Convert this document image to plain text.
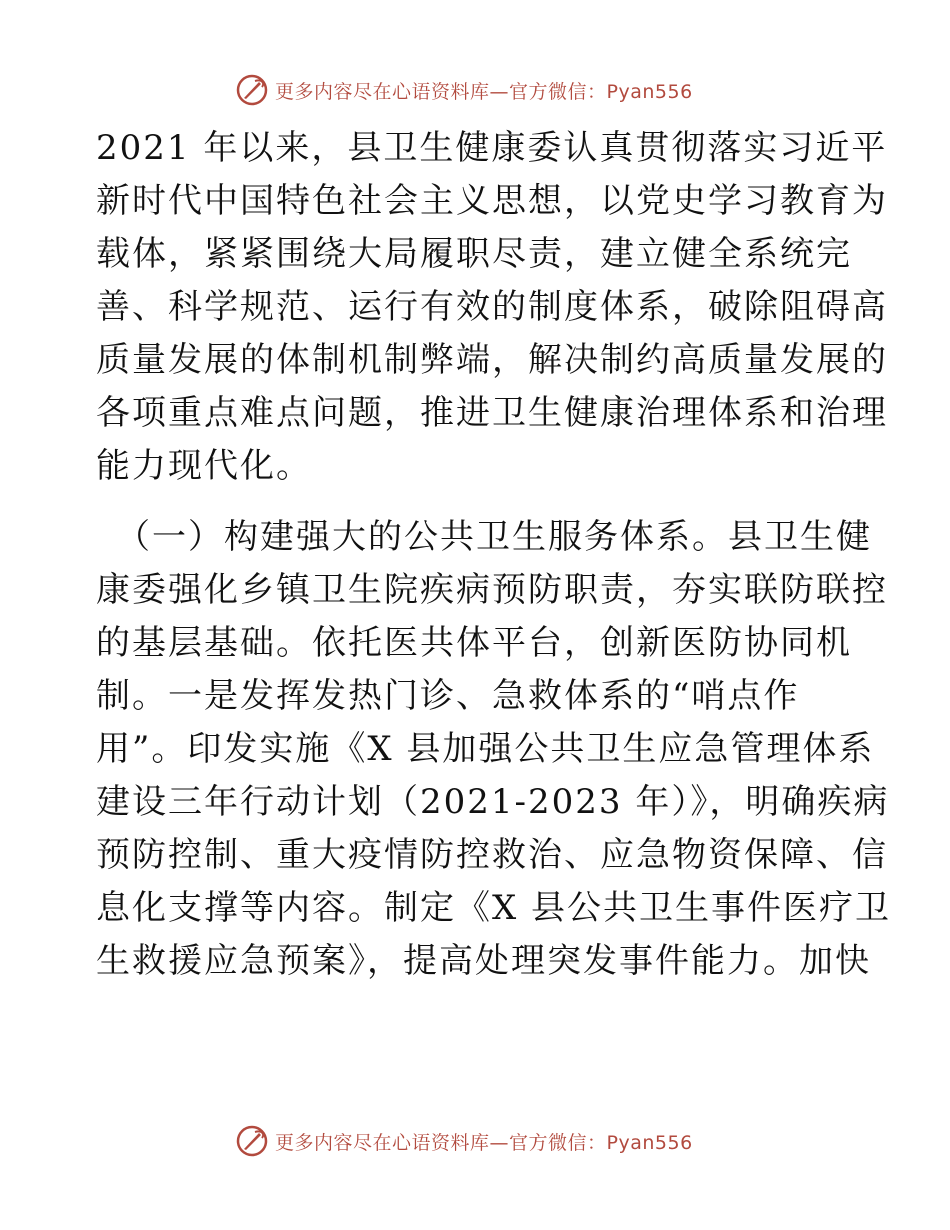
更多内容尽在心语资料库—官方微信：Pyan556
2021 年以来，县卫生健康委认真贯彻落实习近平
新时代中国特色社会主义思想，以党史学习教育为
载体，紧紧围绕大局履职尽责，建立健全系统完
善、科学规范、运行有效的制度体系，破除阻碍高
质量发展的体制机制弊端，解决制约高质量发展的
各项重点难点问题，推进卫生健康治理体系和治理
能力现代化。
（一）构建强大的公共卫生服务体系。县卫生健
康委强化乡镇卫生院疾病预防职责，夯实联防联控
的基层基础。依托医共体平台，创新医防协同机
制。一是发挥发热门诊、急救体系的“哨点作
用”。印发实施《X 县加强公共卫生应急管理体系
建设三年行动计划（2021-2023 年）》，明确疾病
预防控制、重大疫情防控救治、应急物资保障、信
息化支撑等内容。制定《X 县公共卫生事件医疗卫
生救援应急预案》，提高处理突发事件能力。加快
更多内容尽在心语资料库—官方微信：Pyan556
